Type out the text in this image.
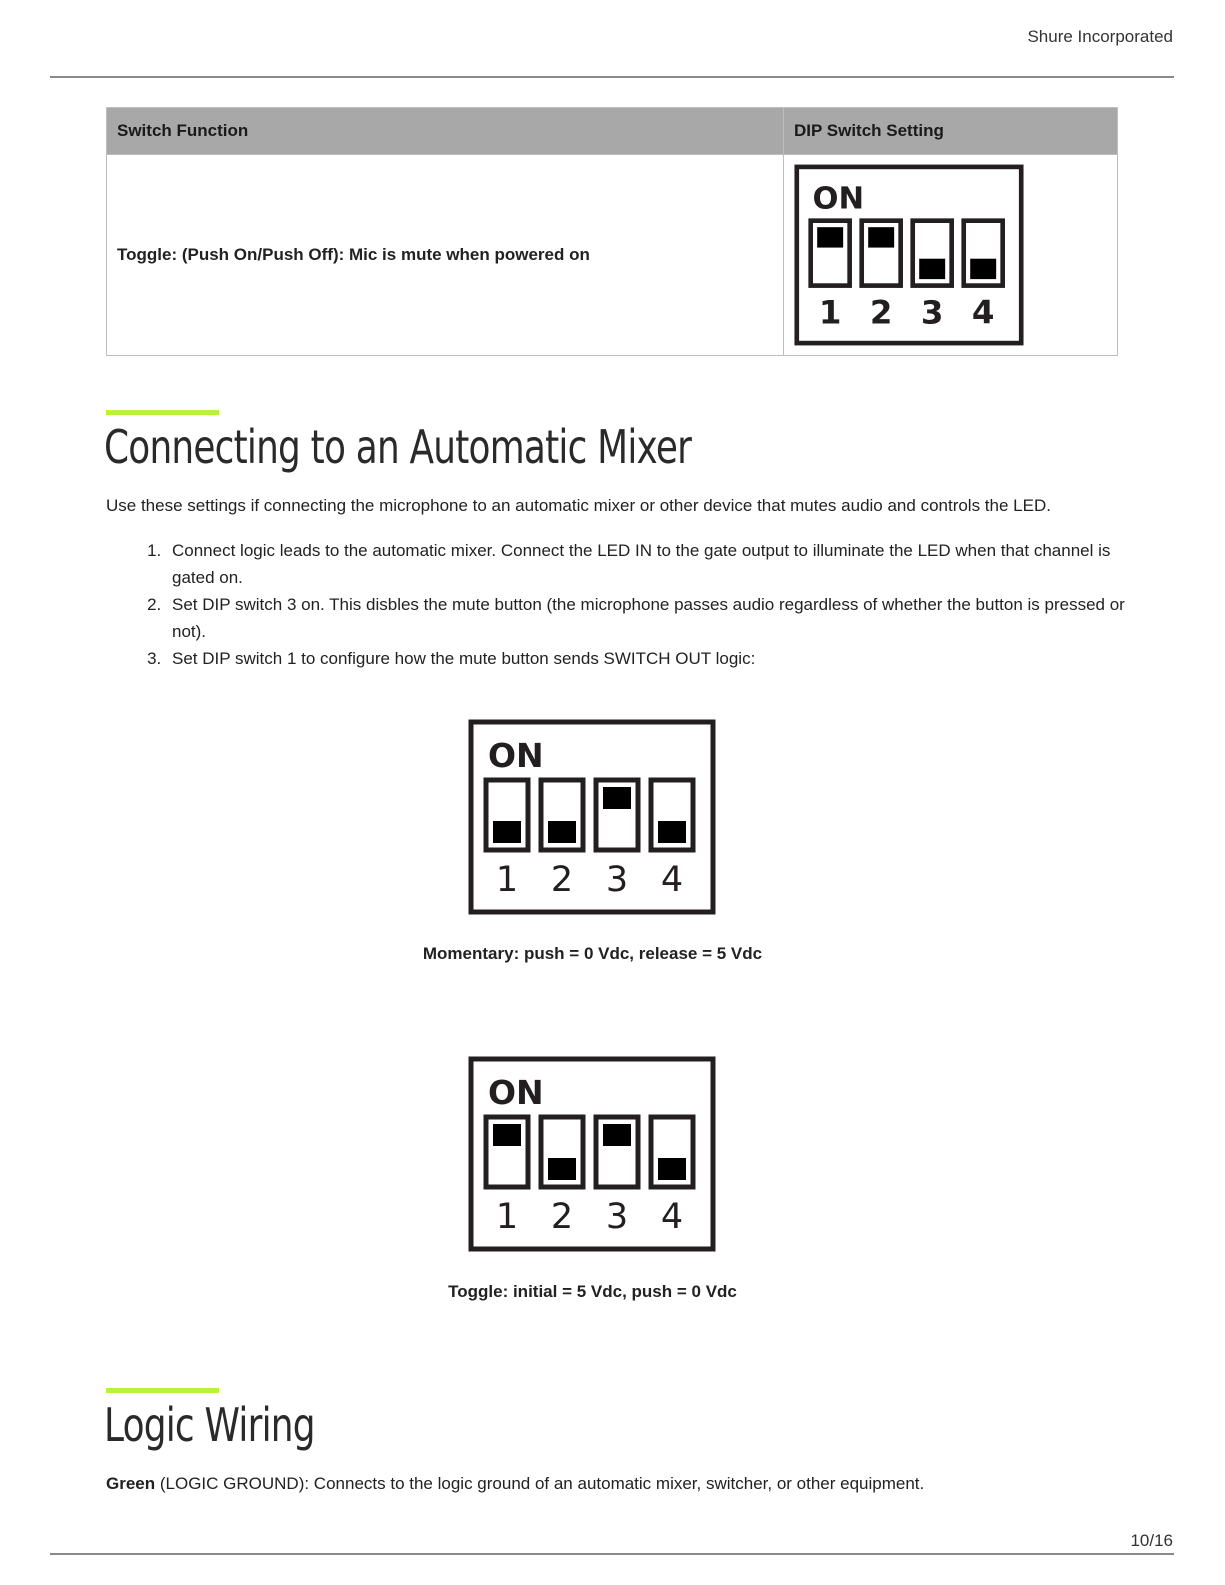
Shure Incorporated
Switch Function	DIP Switch Setting
Toggle: (Push On/Push Off): Mic is mute when powered on	ON
1 2 3 4
Connecting to an Automatic Mixer
Use these settings if connecting the microphone to an automatic mixer or other device that mutes audio and controls the LED.
1. Connect logic leads to the automatic mixer. Connect the LED IN to the gate output to illuminate the LED when that channel is gated on.
2. Set DIP switch 3 on. This disbles the mute button (the microphone passes audio regardless of whether the button is pressed or not).
3. Set DIP switch 1 to configure how the mute button sends SWITCH OUT logic:
ON
1 2 3 4
Momentary: push = 0 Vdc, release = 5 Vdc
ON
1 2 3 4
Toggle: initial = 5 Vdc, push = 0 Vdc
Logic Wiring
Green (LOGIC GROUND): Connects to the logic ground of an automatic mixer, switcher, or other equipment.
10/16
